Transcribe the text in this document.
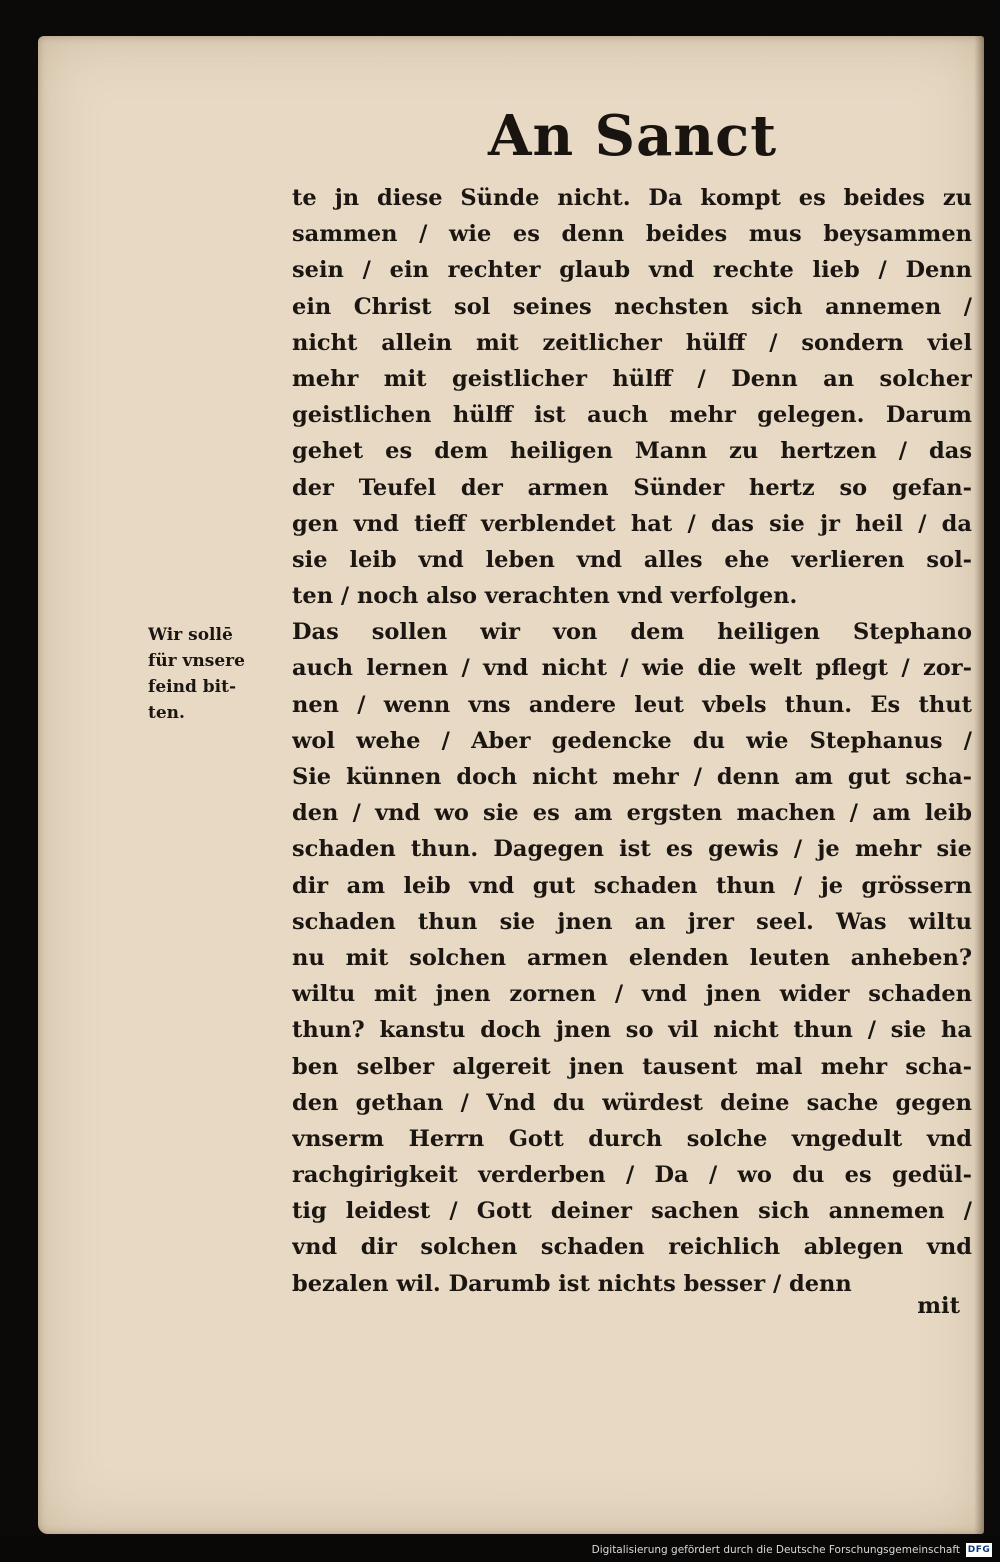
An Sanct
Wir sollē
für vnsere
feind bit-
ten.
te jn diese Sünde nicht. Da kompt es beides zu
sammen / wie es denn beides mus beysammen
sein / ein rechter glaub vnd rechte lieb / Denn
ein Christ sol seines nechsten sich annemen /
nicht allein mit zeitlicher hülff / sondern viel
mehr mit geistlicher hülff / Denn an solcher
geistlichen hülff ist auch mehr gelegen. Darum
gehet es dem heiligen Mann zu hertzen / das
der Teufel der armen Sünder hertz so gefan-
gen vnd tieff verblendet hat / das sie jr heil / da
sie leib vnd leben vnd alles ehe verlieren sol-
ten / noch also verachten vnd verfolgen.
Das sollen wir von dem heiligen Stephano
auch lernen / vnd nicht / wie die welt pflegt / zor-
nen / wenn vns andere leut vbels thun. Es thut
wol wehe / Aber gedencke du wie Stephanus /
Sie künnen doch nicht mehr / denn am gut scha-
den / vnd wo sie es am ergsten machen / am leib
schaden thun. Dagegen ist es gewis / je mehr sie
dir am leib vnd gut schaden thun / je grössern
schaden thun sie jnen an jrer seel. Was wiltu
nu mit solchen armen elenden leuten anheben?
wiltu mit jnen zornen / vnd jnen wider schaden
thun? kanstu doch jnen so vil nicht thun / sie ha
ben selber algereit jnen tausent mal mehr scha-
den gethan / Vnd du würdest deine sache gegen
vnserm Herrn Gott durch solche vngedult vnd
rachgirigkeit verderben / Da / wo du es gedül-
tig leidest / Gott deiner sachen sich annemen /
vnd dir solchen schaden reichlich ablegen vnd
bezalen wil. Darumb ist nichts besser / denn

mit

Digitalisierung gefördert durch die Deutsche Forschungsgemeinschaft DFG
